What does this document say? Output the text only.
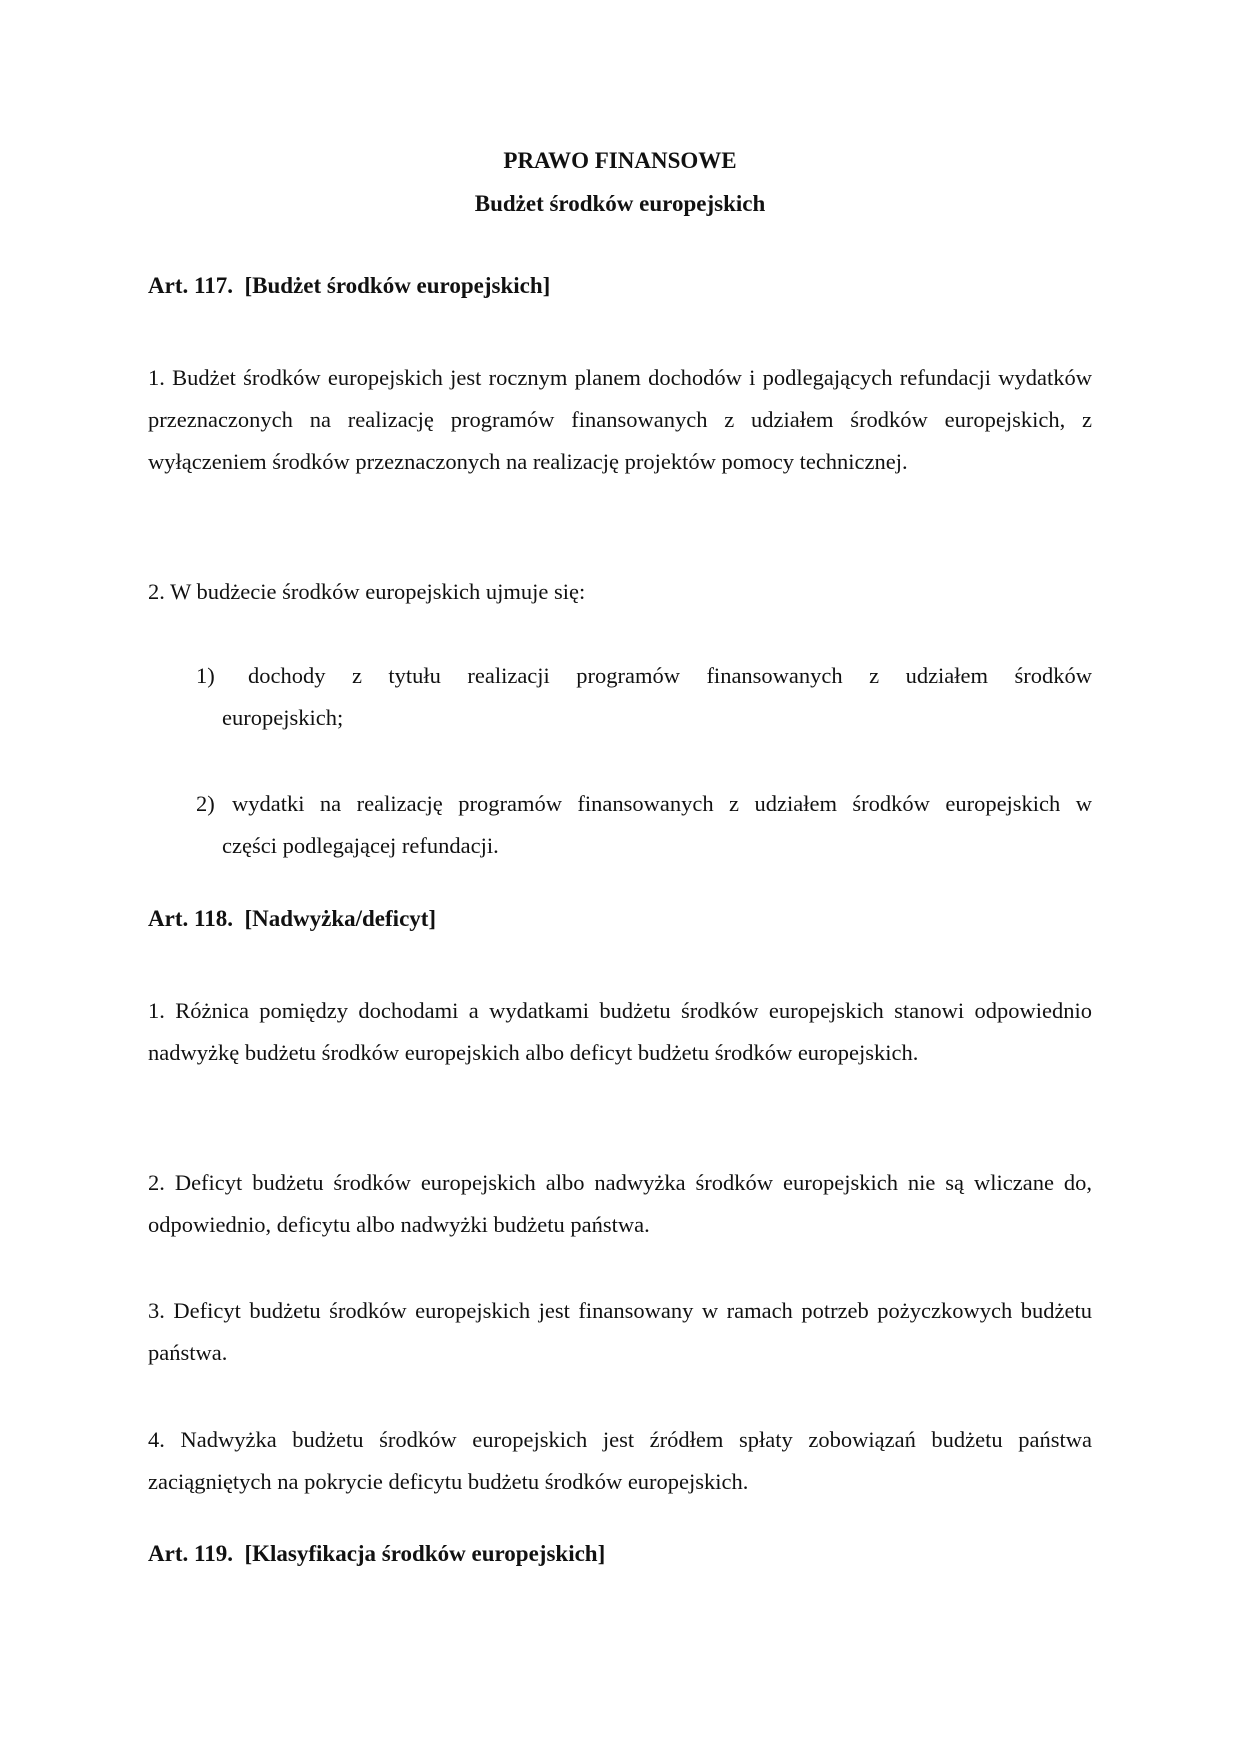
PRAWO FINANSOWE
Budżet środków europejskich
Art. 117.  [Budżet środków europejskich]

1. Budżet środków europejskich jest rocznym planem dochodów i podlegających refundacji wydatków przeznaczonych na realizację programów finansowanych z udziałem środków europejskich, z wyłączeniem środków przeznaczonych na realizację projektów pomocy technicznej.

2. W budżecie środków europejskich ujmuje się:

1) dochody z tytułu realizacji programów finansowanych z udziałem środków
europejskich;
2) wydatki na realizację programów finansowanych z udziałem środków europejskich w
części podlegającej refundacji.
Art. 118.  [Nadwyżka/deficyt]

1. Różnica pomiędzy dochodami a wydatkami budżetu środków europejskich stanowi odpowiednio nadwyżkę budżetu środków europejskich albo deficyt budżetu środków europejskich.

2. Deficyt budżetu środków europejskich albo nadwyżka środków europejskich nie są wliczane do, odpowiednio, deficytu albo nadwyżki budżetu państwa.

3. Deficyt budżetu środków europejskich jest finansowany w ramach potrzeb pożyczkowych budżetu państwa.

4. Nadwyżka budżetu środków europejskich jest źródłem spłaty zobowiązań budżetu państwa zaciągniętych na pokrycie deficytu budżetu środków europejskich.

Art. 119.  [Klasyfikacja środków europejskich]
